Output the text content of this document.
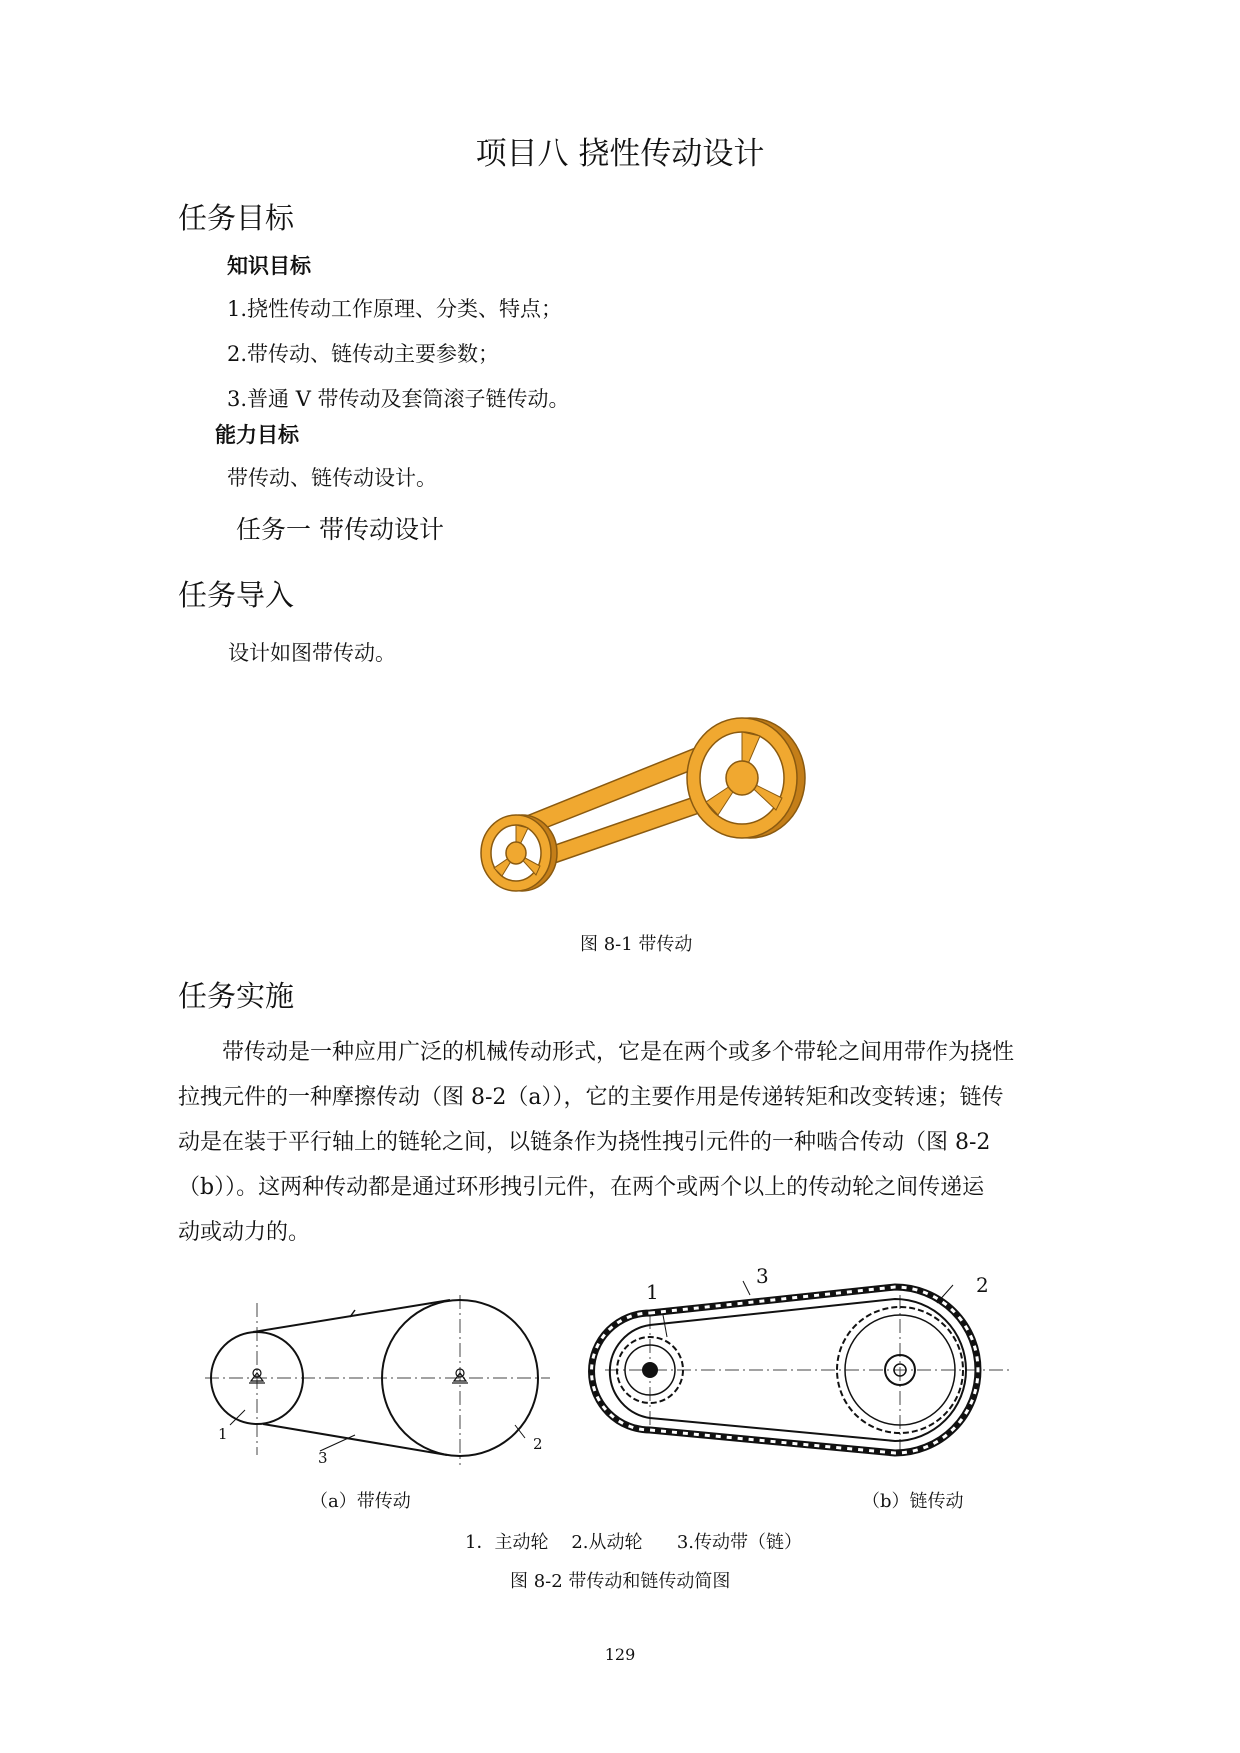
项目八 挠性传动设计
任务目标
知识目标
1.挠性传动工作原理、分类、特点；
2.带传动、链传动主要参数；
3.普通 V 带传动及套筒滚子链传动。
能力目标
带传动、链传动设计。
任务一 带传动设计
任务导入
设计如图带传动。
图 8-1 带传动
任务实施
　　带传动是一种应用广泛的机械传动形式，它是在两个或多个带轮之间用带作为挠性
拉拽元件的一种摩擦传动（图 8-2（a）），它的主要作用是传递转矩和改变转速；链传
动是在装于平行轴上的链轮之间，以链条作为挠性拽引元件的一种啮合传动（图 8-2
（b））。这两种传动都是通过环形拽引元件，在两个或两个以上的传动轮之间传递运
动或动力的。
1
3
2
1
3	2
（a）带传动	（b）链传动
1．主动轮    2.从动轮      3.传动带（链）
图 8-2 带传动和链传动简图
129
